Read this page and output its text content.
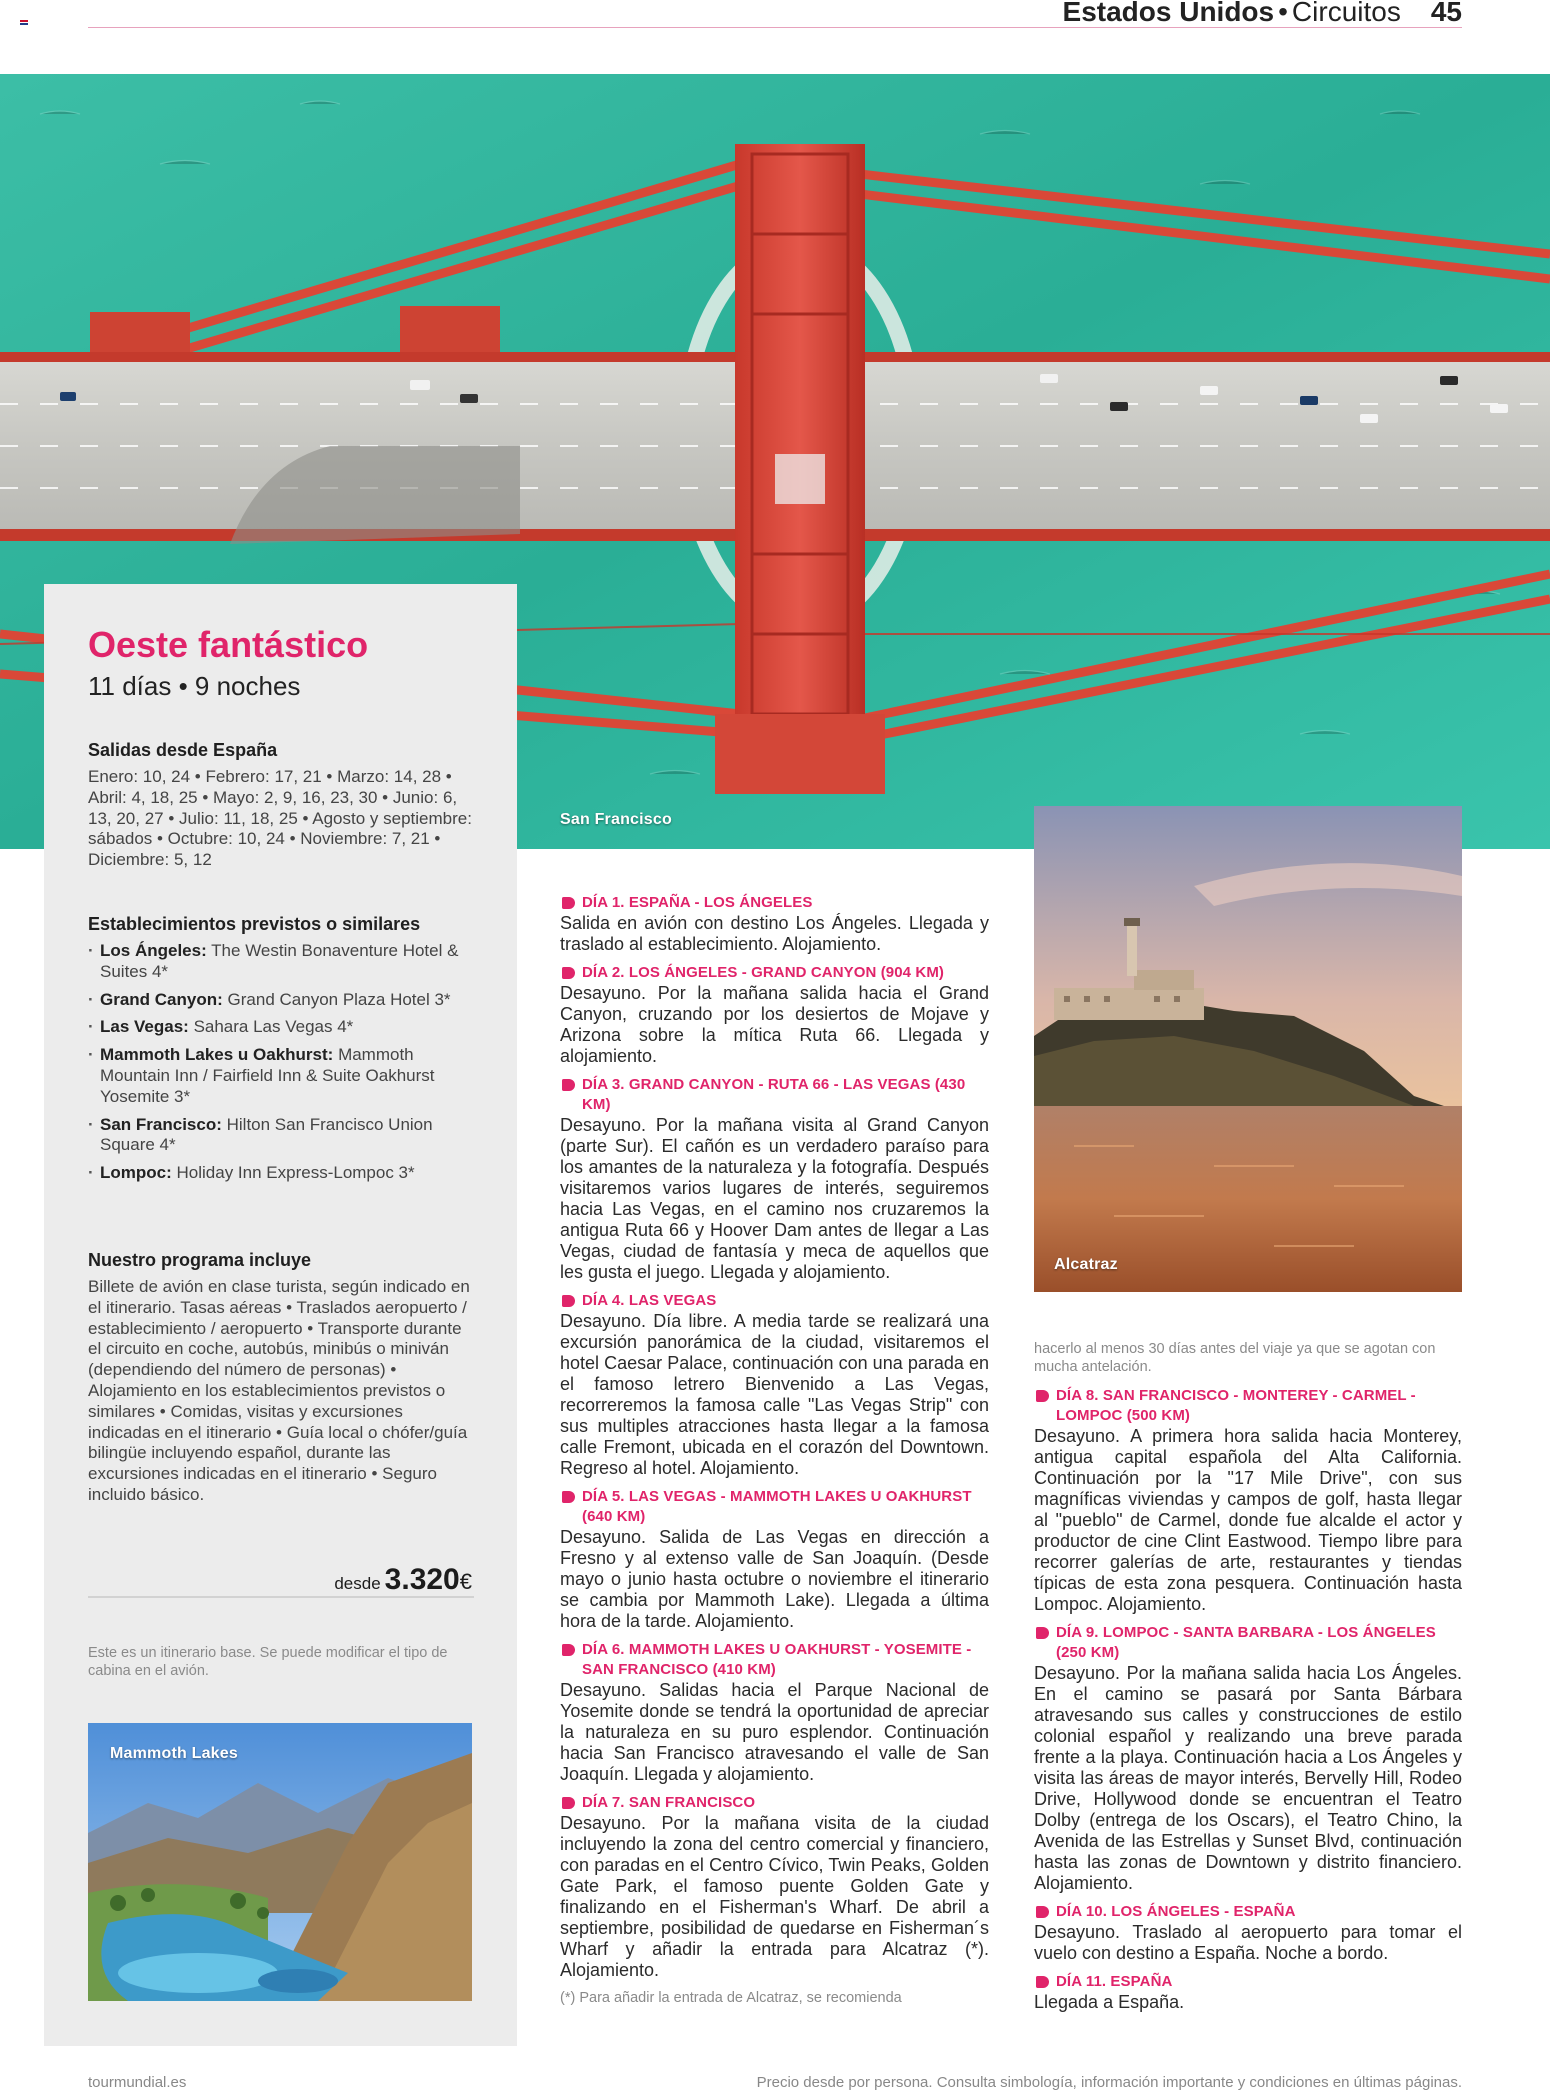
Estados Unidos • Circuitos 45
San Francisco
Oeste fantástico
11 días • 9 noches
Salidas desde España
Enero: 10, 24 • Febrero: 17, 21 • Marzo: 14, 28 • Abril: 4, 18, 25 • Mayo: 2, 9, 16, 23, 30 • Junio: 6, 13, 20, 27 • Julio: 11, 18, 25 • Agosto y septiembre: sábados • Octubre: 10, 24 • Noviembre: 7, 21 • Diciembre: 5, 12
Establecimientos previstos o similares
· Los Ángeles: The Westin Bonaventure Hotel & Suites 4*
· Grand Canyon: Grand Canyon Plaza Hotel 3*
· Las Vegas: Sahara Las Vegas 4*
· Mammoth Lakes u Oakhurst: Mammoth Mountain Inn / Fairfield Inn & Suite Oakhurst Yosemite 3*
· San Francisco: Hilton San Francisco Union Square 4*
· Lompoc: Holiday Inn Express-Lompoc 3*
Nuestro programa incluye
Billete de avión en clase turista, según indicado en el itinerario. Tasas aéreas • Traslados aeropuerto / establecimiento / aeropuerto • Transporte durante el circuito en coche, autobús, minibús o miniván (dependiendo del número de personas) • Alojamiento en los establecimientos previstos o similares • Comidas, visitas y excursiones indicadas en el itinerario • Guía local o chófer/guía bilingüe incluyendo español, durante las excursiones indicadas en el itinerario • Seguro incluido básico.
desde 3.320€
Este es un itinerario base. Se puede modificar el tipo de cabina en el avión.
Mammoth Lakes
Alcatraz
DÍA 1. ESPAÑA - LOS ÁNGELES
Salida en avión con destino Los Ángeles. Llegada y traslado al establecimiento. Alojamiento.
DÍA 2. LOS ÁNGELES - GRAND CANYON (904 KM)
Desayuno. Por la mañana salida hacia el Grand Canyon, cruzando por los desiertos de Mojave y Arizona sobre la mítica Ruta 66. Llegada y alojamiento.
DÍA 3. GRAND CANYON - RUTA 66 - LAS VEGAS (430 KM)
Desayuno. Por la mañana visita al Grand Canyon (parte Sur). El cañón es un verdadero paraíso para los amantes de la naturaleza y la fotografía. Después visitaremos varios lugares de interés, seguiremos hacia Las Vegas, en el camino nos cruzaremos la antigua Ruta 66 y Hoover Dam antes de llegar a Las Vegas, ciudad de fantasía y meca de aquellos que les gusta el juego. Llegada y alojamiento.
DÍA 4. LAS VEGAS
Desayuno. Día libre. A media tarde se realizará una excursión panorámica de la ciudad, visitaremos el hotel Caesar Palace, continuación con una parada en el famoso letrero Bienvenido a Las Vegas, recorreremos la famosa calle "Las Vegas Strip" con sus multiples atracciones hasta llegar a la famosa calle Fremont, ubicada en el corazón del Downtown. Regreso al hotel. Alojamiento.
DÍA 5. LAS VEGAS - MAMMOTH LAKES U OAKHURST (640 KM)
Desayuno. Salida de Las Vegas en dirección a Fresno y al extenso valle de San Joaquín. (Desde mayo o junio hasta octubre o noviembre el itinerario se cambia por Mammoth Lake). Llegada a última hora de la tarde. Alojamiento.
DÍA 6. MAMMOTH LAKES U OAKHURST - YOSEMITE - SAN FRANCISCO (410 KM)
Desayuno. Salidas hacia el Parque Nacional de Yosemite donde se tendrá la oportunidad de apreciar la naturaleza en su puro esplendor. Continuación hacia San Francisco atravesando el valle de San Joaquín. Llegada y alojamiento.
DÍA 7. SAN FRANCISCO
Desayuno. Por la mañana visita de la ciudad incluyendo la zona del centro comercial y financiero, con paradas en el Centro Cívico, Twin Peaks, Golden Gate Park, el famoso puente Golden Gate y finalizando en el Fisherman's Wharf. De abril a septiembre, posibilidad de quedarse en Fisherman´s Wharf y añadir la entrada para Alcatraz (*). Alojamiento.
(*) Para añadir la entrada de Alcatraz, se recomienda
hacerlo al menos 30 días antes del viaje ya que se agotan con mucha antelación.
DÍA 8. SAN FRANCISCO - MONTEREY - CARMEL - LOMPOC (500 KM)
Desayuno. A primera hora salida hacia Monterey, antigua capital española del Alta California. Continuación por la "17 Mile Drive", con sus magníficas viviendas y campos de golf, hasta llegar al "pueblo" de Carmel, donde fue alcalde el actor y productor de cine Clint Eastwood. Tiempo libre para recorrer galerías de arte, restaurantes y tiendas típicas de esta zona pesquera. Continuación hasta Lompoc. Alojamiento.
DÍA 9. LOMPOC - SANTA BARBARA - LOS ÁNGELES (250 KM)
Desayuno. Por la mañana salida hacia Los Ángeles. En el camino se pasará por Santa Bárbara atravesando sus calles y construcciones de estilo colonial español y realizando una breve parada frente a la playa. Continuación hacia a Los Ángeles y visita las áreas de mayor interés, Bervelly Hill, Rodeo Drive, Hollywood donde se encuentran el Teatro Dolby (entrega de los Oscars), el Teatro Chino, la Avenida de las Estrellas y Sunset Blvd, continuación hasta las zonas de Downtown y distrito financiero. Alojamiento.
DÍA 10. LOS ÁNGELES - ESPAÑA
Desayuno. Traslado al aeropuerto para tomar el vuelo con destino a España. Noche a bordo.
DÍA 11. ESPAÑA
Llegada a España.
tourmundial.es	Precio desde por persona. Consulta simbología, información importante y condiciones en últimas páginas.
